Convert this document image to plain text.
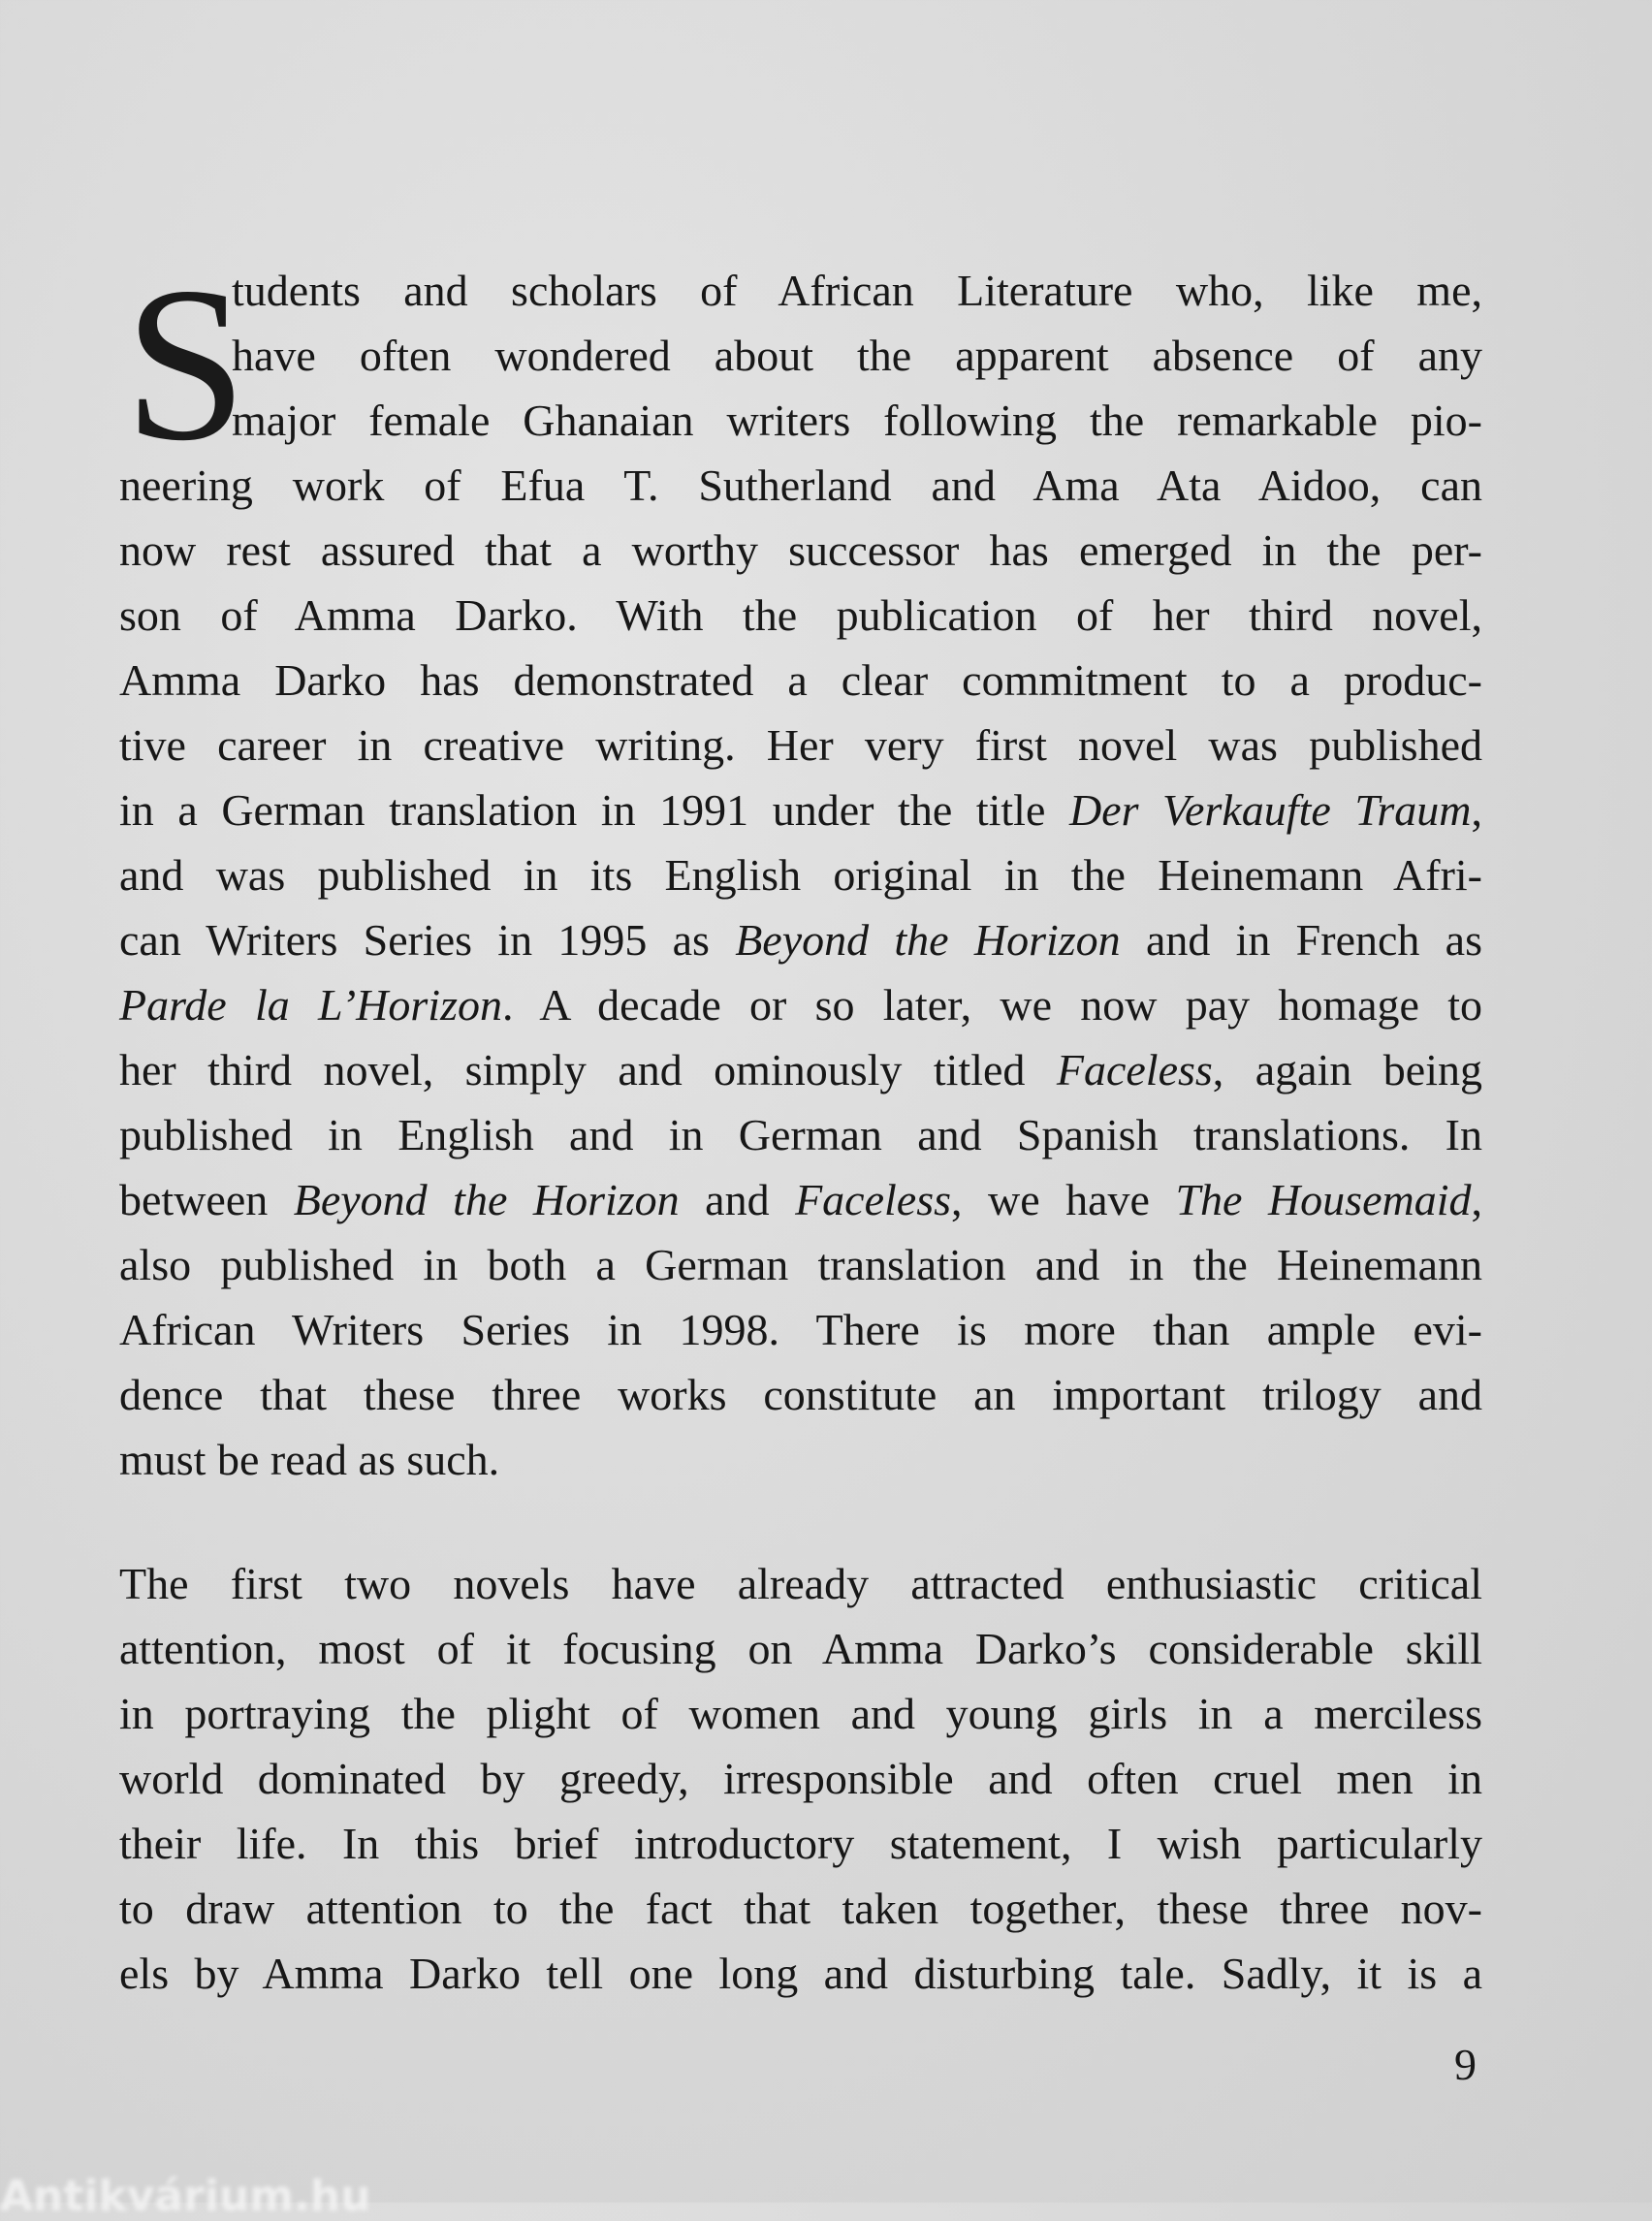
S
tudents and scholars of African Literature who, like me,
have often wondered about the apparent absence of any
major female Ghanaian writers following the remarkable pio-
neering work of Efua T. Sutherland and Ama Ata Aidoo, can
now rest assured that a worthy successor has emerged in the per-
son of Amma Darko. With the publication of her third novel,
Amma Darko has demonstrated a clear commitment to a produc-
tive career in creative writing. Her very first novel was published
in a German translation in 1991 under the title Der Verkaufte Traum,
and was published in its English original in the Heinemann Afri-
can Writers Series in 1995 as Beyond the Horizon and in French as
Parde la L’Horizon. A decade or so later, we now pay homage to
her third novel, simply and ominously titled Faceless, again being
published in English and in German and Spanish translations. In
between Beyond the Horizon and Faceless, we have The Housemaid,
also published in both a German translation and in the Heinemann
African Writers Series in 1998. There is more than ample evi-
dence that these three works constitute an important trilogy and
must be read as such.
The first two novels have already attracted enthusiastic critical
attention, most of it focusing on Amma Darko’s considerable skill
in portraying the plight of women and young girls in a merciless
world dominated by greedy, irresponsible and often cruel men in
their life. In this brief introductory statement, I wish particularly
to draw attention to the fact that taken together, these three nov-
els by Amma Darko tell one long and disturbing tale. Sadly, it is a
9
Antikvárium.hu
